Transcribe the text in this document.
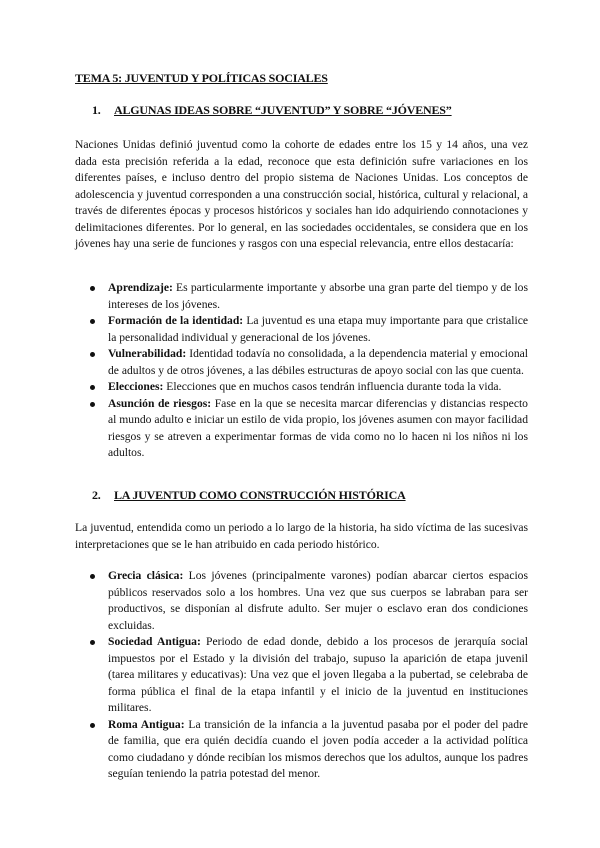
TEMA 5: JUVENTUD Y POLÍTICAS SOCIALES
1. ALGUNAS IDEAS SOBRE “JUVENTUD” Y SOBRE “JÓVENES”

Naciones Unidas definió juventud como la cohorte de edades entre los 15 y 14 años, una vez dada esta precisión referida a la edad, reconoce que esta definición sufre variaciones en los diferentes países, e incluso dentro del propio sistema de Naciones Unidas. Los conceptos de adolescencia y juventud corresponden a una construcción social, histórica, cultural y relacional, a través de diferentes épocas y procesos históricos y sociales han ido adquiriendo connotaciones y delimitaciones diferentes. Por lo general, en las sociedades occidentales, se considera que en los jóvenes hay una serie de funciones y rasgos con una especial relevancia, entre ellos destacaría:

Aprendizaje: Es particularmente importante y absorbe una gran parte del tiempo y de los intereses de los jóvenes.
Formación de la identidad: La juventud es una etapa muy importante para que cristalice la personalidad individual y generacional de los jóvenes.
Vulnerabilidad: Identidad todavía no consolidada, a la dependencia material y emocional de adultos y de otros jóvenes, a las débiles estructuras de apoyo social con las que cuenta.
Elecciones: Elecciones que en muchos casos tendrán influencia durante toda la vida.
Asunción de riesgos: Fase en la que se necesita marcar diferencias y distancias respecto al mundo adulto e iniciar un estilo de vida propio, los jóvenes asumen con mayor facilidad riesgos y se atreven a experimentar formas de vida como no lo hacen ni los niños ni los adultos.
2. LA JUVENTUD COMO CONSTRUCCIÓN HISTÓRICA

La juventud, entendida como un periodo a lo largo de la historia, ha sido víctima de las sucesivas interpretaciones que se le han atribuido en cada periodo histórico.

Grecia clásica: Los jóvenes (principalmente varones) podían abarcar ciertos espacios públicos reservados solo a los hombres. Una vez que sus cuerpos se labraban para ser productivos, se disponían al disfrute adulto. Ser mujer o esclavo eran dos condiciones excluidas.
Sociedad Antigua: Periodo de edad donde, debido a los procesos de jerarquía social impuestos por el Estado y la división del trabajo, supuso la aparición de etapa juvenil (tarea militares y educativas): Una vez que el joven llegaba a la pubertad, se celebraba de forma pública el final de la etapa infantil y el inicio de la juventud en instituciones militares.
Roma Antigua: La transición de la infancia a la juventud pasaba por el poder del padre de familia, que era quién decidía cuando el joven podía acceder a la actividad política como ciudadano y dónde recibían los mismos derechos que los adultos, aunque los padres seguían teniendo la patria potestad del menor.
